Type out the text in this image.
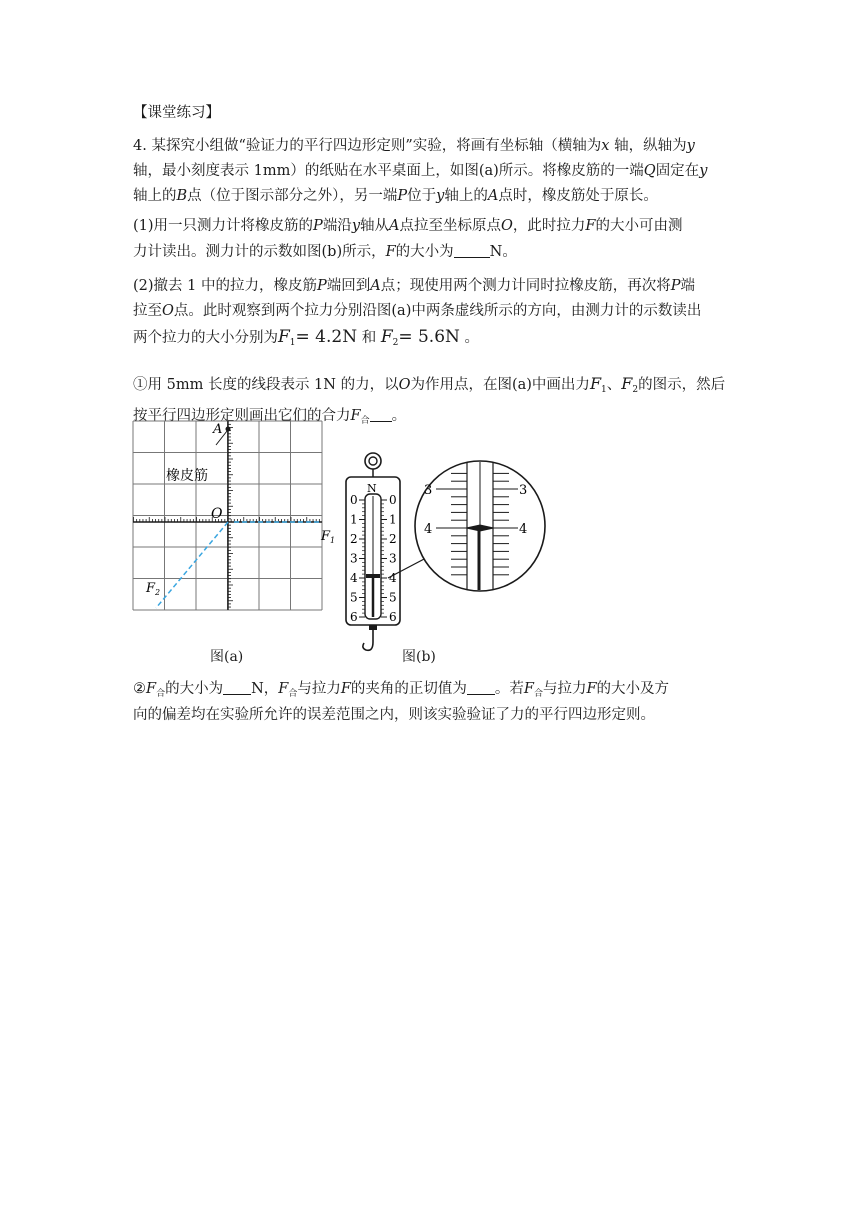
【课堂练习】
4. 某探究小组做“验证力的平行四边形定则”实验，将画有坐标轴（横轴为x 轴，纵轴为y
轴，最小刻度表示 1mm）的纸贴在水平桌面上，如图(a)所示。将橡皮筋的一端Q固定在y
轴上的B点（位于图示部分之外），另一端P位于y轴上的A点时，橡皮筋处于原长。
(1)用一只测力计将橡皮筋的P端沿y轴从A点拉至坐标原点O，此时拉力F的大小可由测
力计读出。测力计的示数如图(b)所示，F的大小为 N。
(2)撤去 1 中的拉力，橡皮筋P端回到A点；现使用两个测力计同时拉橡皮筋，再次将P端
拉至O点。此时观察到两个拉力分别沿图(a)中两条虚线所示的方向，由测力计的示数读出
两个拉力的大小分别为$F_1= 4.2N$ 和 $F_2= 5.6N$ 。
①用 5mm 长度的线段表示 1N 的力，以O为作用点，在图(a)中画出力$F_1$、$F_2$的图示，然后
按平行四边形定则画出它们的合力$F_合$ 。
A
橡皮筋
O
$F_1$
$F_2$
图(a)
N
0	0
1	1
2	2
3	3
4	4
5	5
6	6
3	3
4	4
图(b)
$②F_合$的大小为 N，$F_合$与拉力F的夹角的正切值为 。若$F_合$与拉力F的大小及方
向的偏差均在实验所允许的误差范围之内，则该实验验证了力的平行四边形定则。
